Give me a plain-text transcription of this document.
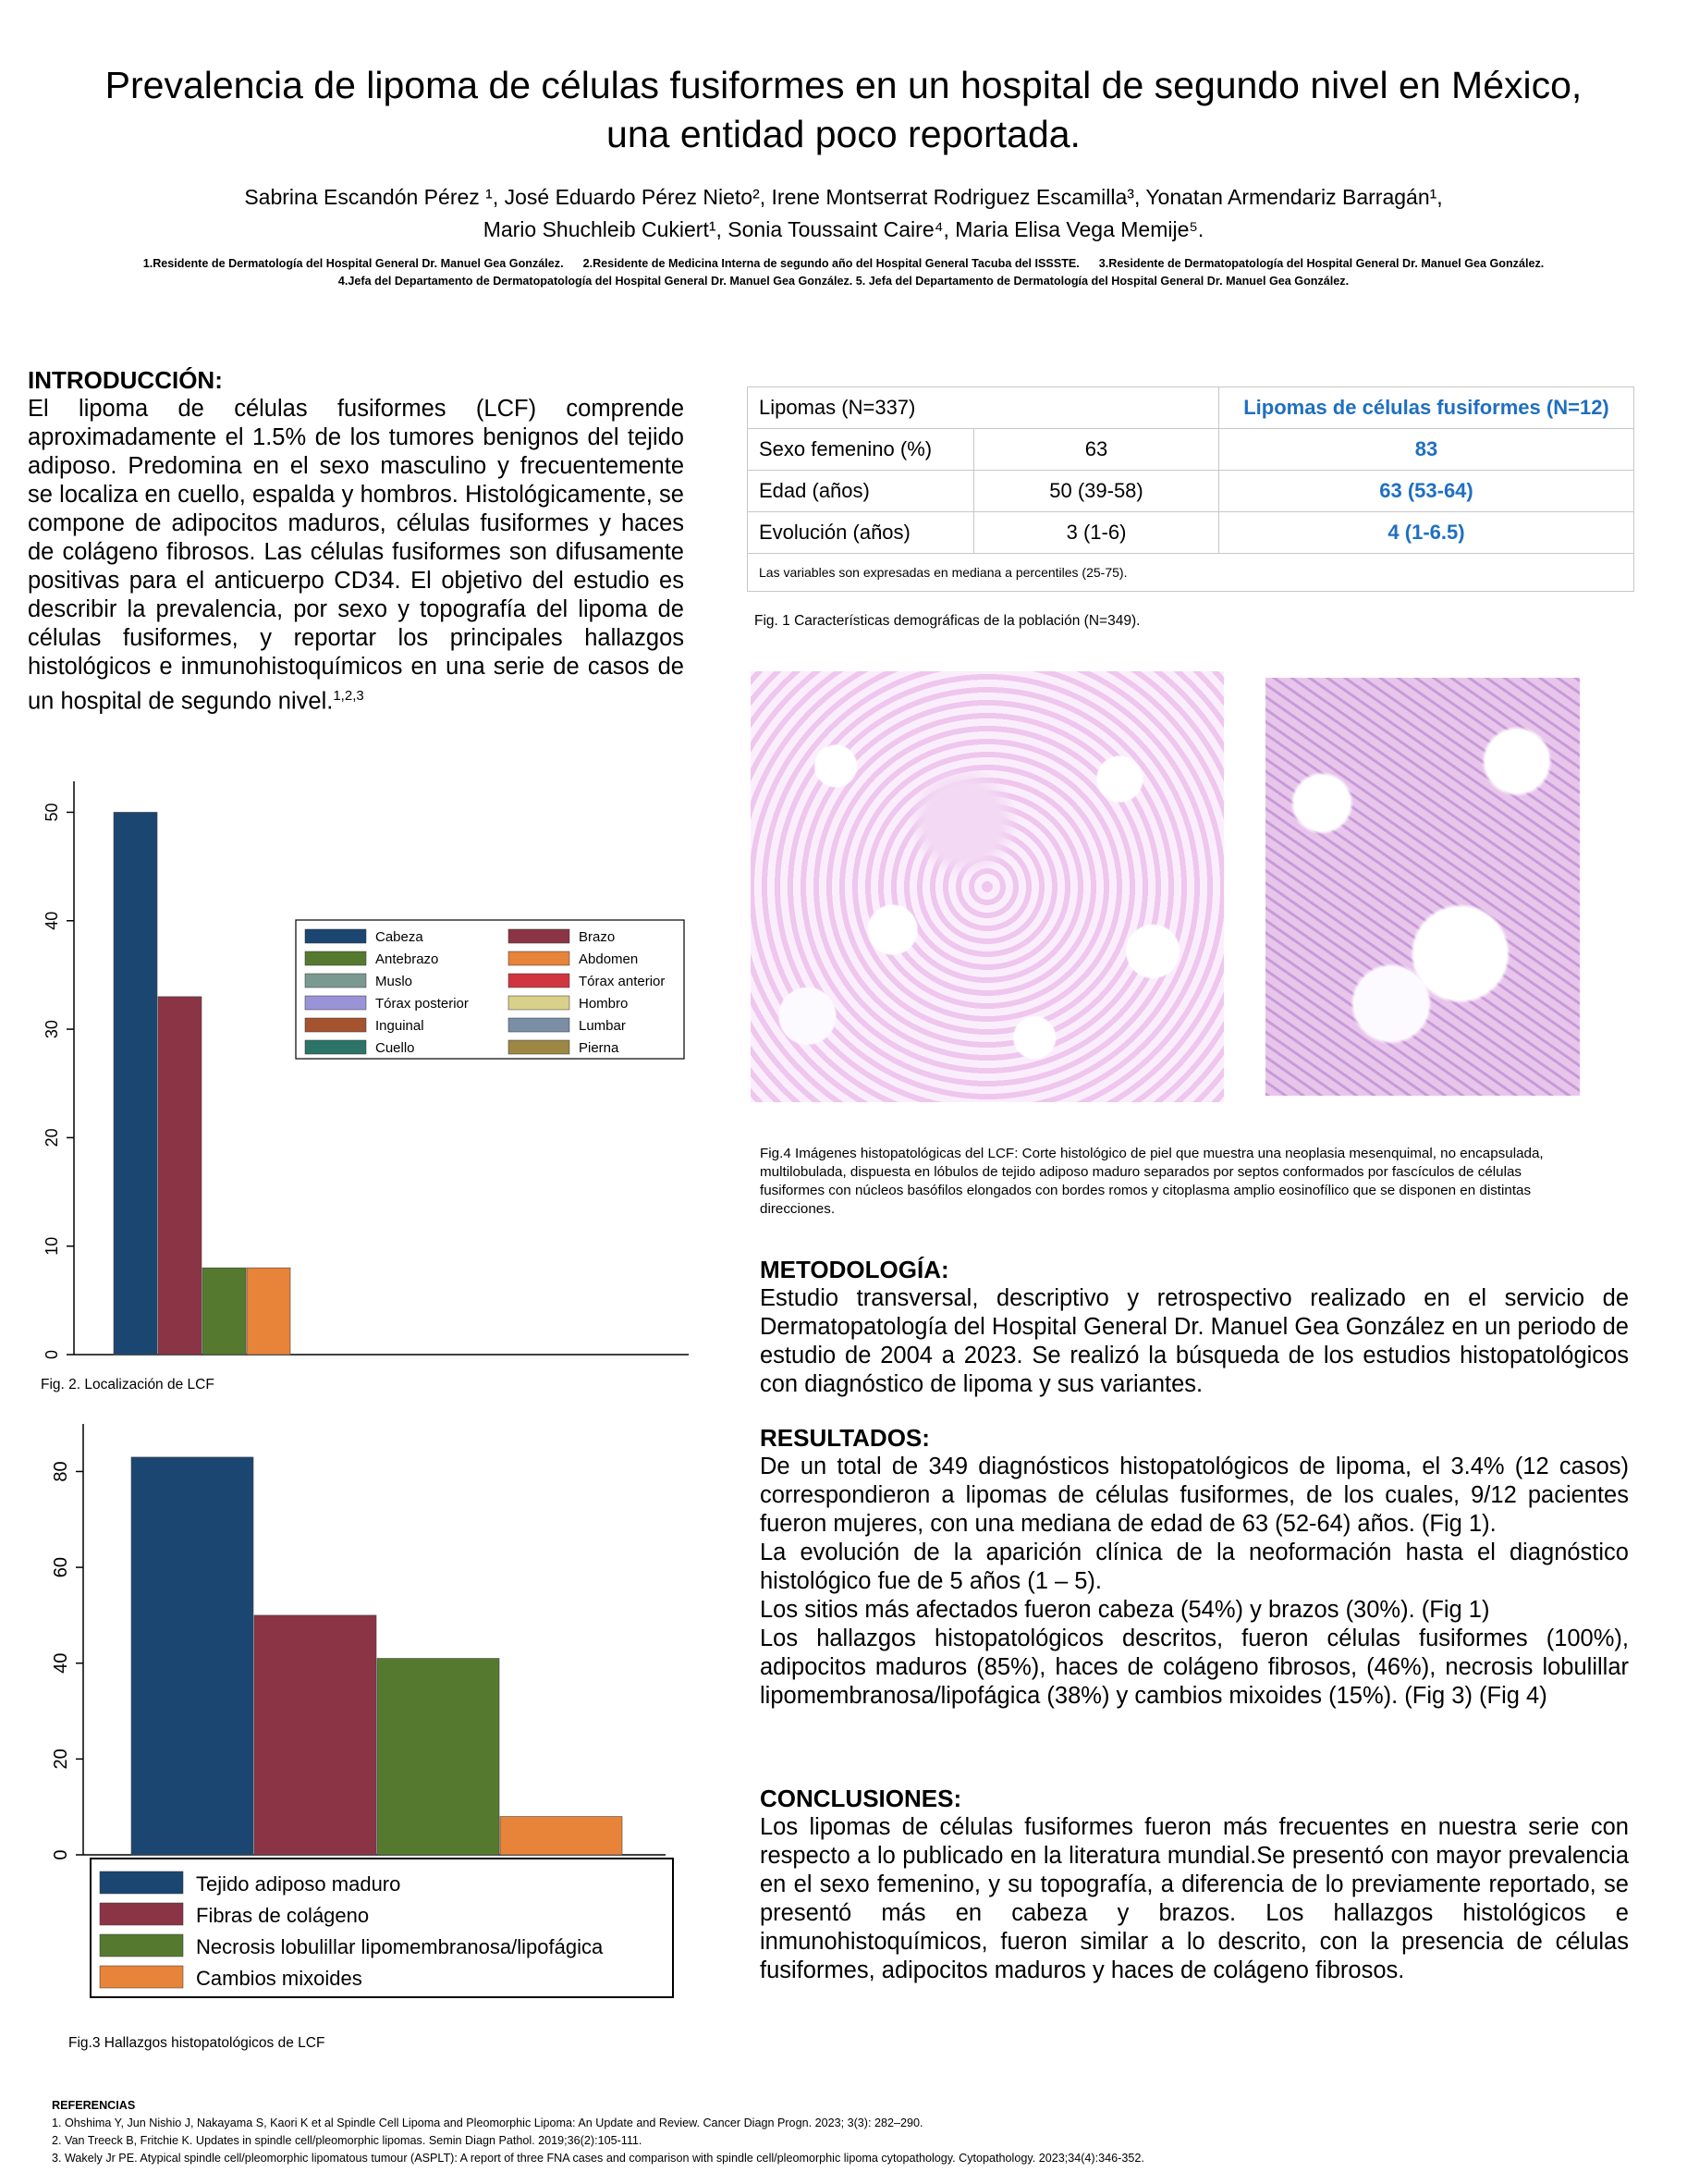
Prevalencia de lipoma de células fusiformes en un hospital de segundo nivel en México,
una entidad poco reportada.
Sabrina Escandón Pérez ¹, José Eduardo Pérez Nieto², Irene Montserrat Rodriguez Escamilla³, Yonatan Armendariz Barragán¹,
Mario Shuchleib Cukiert¹, Sonia Toussaint Caire⁴, Maria Elisa Vega Memije⁵.
1.Residente de Dermatología del Hospital General Dr. Manuel Gea González.      2.Residente de Medicina Interna de segundo año del Hospital General Tacuba del ISSSTE.      3.Residente de Dermatopatología del Hospital General Dr. Manuel Gea González.
4.Jefa del Departamento de Dermatopatología del Hospital General Dr. Manuel Gea González. 5. Jefa del Departamento de Dermatología del Hospital General Dr. Manuel Gea González.
INTRODUCCIÓN:
El lipoma de células fusiformes (LCF) comprende aproximadamente el 1.5% de los tumores benignos del tejido adiposo. Predomina en el sexo masculino y frecuentemente se localiza en cuello, espalda y hombros. Histológicamente, se compone de adipocitos maduros, células fusiformes y haces de colágeno fibrosos. Las células fusiformes son difusamente positivas para el anticuerpo CD34. El objetivo del estudio es describir la prevalencia, por sexo y topografía del lipoma de células fusiformes, y reportar los principales hallazgos histológicos e inmunohistoquímicos en una serie de casos de un hospital de segundo nivel.$^{1,2,3}$
0
10
20
30
40
50
Cabeza	Brazo
Antebrazo	Abdomen
Muslo	Tórax anterior
Tórax posterior	Hombro
Inguinal	Lumbar
Cuello	Pierna
Fig. 2. Localización de LCF
0
20
40
60
80
Tejido adiposo maduro
Fibras de colágeno
Necrosis lobulillar lipomembranosa/lipofágica
Cambios mixoides
Fig.3 Hallazgos histopatológicos de LCF
Lipomas (N=337)		Lipomas de células fusiformes (N=12)
Sexo femenino (%)	63	83
Edad (años)	50 (39-58)	63 (53-64)
Evolución (años)	3 (1-6)	4 (1-6.5)
Las variables son expresadas en mediana a percentiles (25-75).		
Fig. 1 Características demográficas de la población (N=349).
Fig.4 Imágenes histopatológicas del LCF: Corte histológico de piel que muestra una neoplasia mesenquimal, no encapsulada, multilobulada, dispuesta en lóbulos de tejido adiposo maduro separados por septos conformados por fascículos de células fusiformes con núcleos basófilos elongados con bordes romos y citoplasma amplio eosinofílico que se disponen en distintas direcciones.
METODOLOGÍA:
Estudio transversal, descriptivo y retrospectivo realizado en el servicio de Dermatopatología del Hospital General Dr. Manuel Gea González en un periodo de estudio de 2004 a 2023. Se realizó la búsqueda de los estudios histopatológicos con diagnóstico de lipoma y sus variantes.
RESULTADOS:
De un total de 349 diagnósticos histopatológicos de lipoma, el 3.4% (12 casos) correspondieron a lipomas de células fusiformes, de los cuales, 9/12 pacientes fueron mujeres, con una mediana de edad de 63 (52-64) años. (Fig 1).
La evolución de la aparición clínica de la neoformación hasta el diagnóstico histológico fue de 5 años (1 – 5).
Los sitios más afectados fueron cabeza (54%) y brazos (30%). (Fig 1)
Los hallazgos histopatológicos descritos, fueron células fusiformes (100%), adipocitos maduros (85%), haces de colágeno fibrosos, (46%), necrosis lobulillar lipomembranosa/lipofágica (38%) y cambios mixoides (15%). (Fig 3) (Fig 4)
CONCLUSIONES:
Los lipomas de células fusiformes fueron más frecuentes en nuestra serie con respecto a lo publicado en la literatura mundial.Se presentó con mayor prevalencia en el sexo femenino, y su topografía, a diferencia de lo previamente reportado, se presentó más en cabeza y brazos. Los hallazgos histológicos e inmunohistoquímicos, fueron similar a lo descrito, con la presencia de células fusiformes, adipocitos maduros y haces de colágeno fibrosos.
REFERENCIAS
1. Ohshima Y, Jun Nishio J, Nakayama S, Kaori K et al Spindle Cell Lipoma and Pleomorphic Lipoma: An Update and Review. Cancer Diagn Progn. 2023; 3(3): 282–290.
2. Van Treeck B, Fritchie K. Updates in spindle cell/pleomorphic lipomas. Semin Diagn Pathol. 2019;36(2):105-111.
3. Wakely Jr PE. Atypical spindle cell/pleomorphic lipomatous tumour (ASPLT): A report of three FNA cases and comparison with spindle cell/pleomorphic lipoma cytopathology. Cytopathology. 2023;34(4):346-352.
